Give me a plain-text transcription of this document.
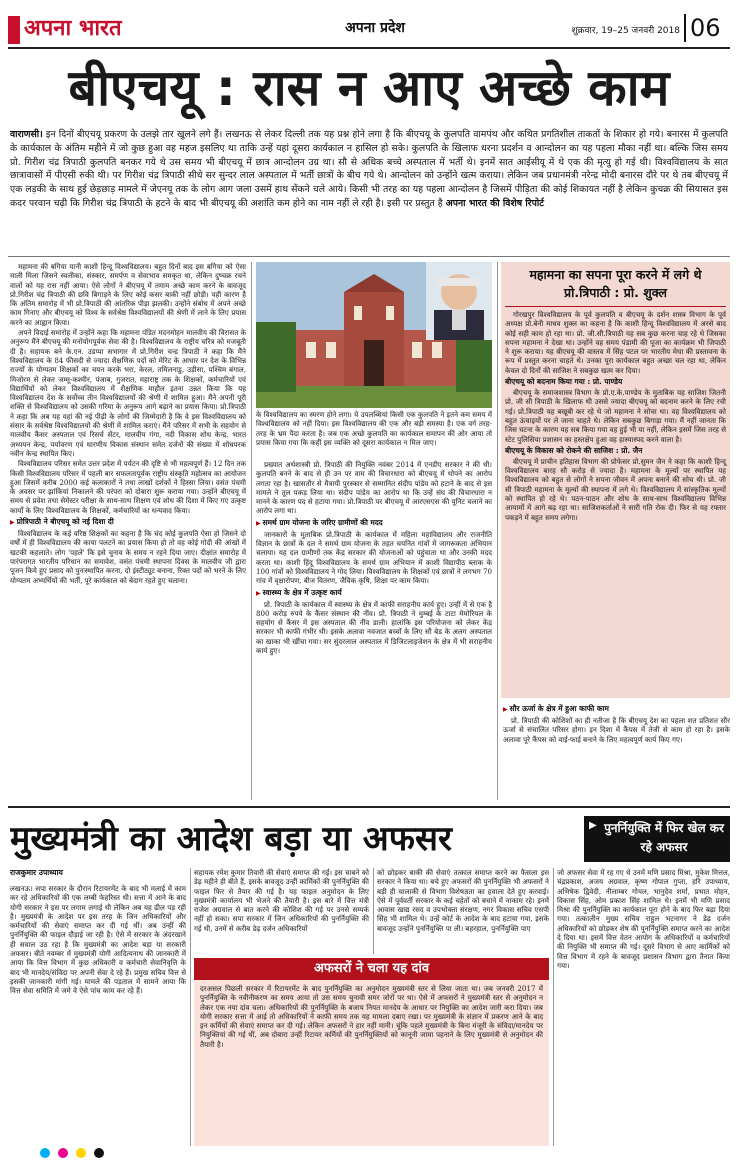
अपना भारत	अपना प्रदेश	शुक्रवार, 19–25 जनवरी 2018 06
बीएचयू : रास न आए अच्छे काम
वाराणसी। इन दिनों बीएचयू प्रकरण के उलझे तार खुलने लगे हैं। लखनऊ से लेकर दिल्ली तक यह प्रश्न होने लगा है कि बीएचयू के कुलपति वामपंथ और कथित प्रगतिशील ताकतों के शिकार हो गये। बनारस में कुलपति के कार्यकाल के अंतिम महीने में जो कुछ हुआ वह महज इसलिए था ताकि उन्हें यहां दूसरा कार्यकाल न हासिल हो सके। कुलपति के खिलाफ धरना प्रदर्शन व आन्दोलन का यह पहला मौका नहीं था। बल्कि जिस समय प्रो. गिरीश चंद्र त्रिपाठी कुलपति बनकर गये थे उस समय भी बीएचयू में छात्र आन्दोलन उग्र था। सौ से अधिक बच्चे अस्पताल में भर्ती थे। इनमें सात आईसीयू में थे एक की मृत्यु हो गई थी। विश्वविद्यालय के सात छात्रावासों में पीएसी रुकी थी। पर गिरीश चंद्र त्रिपाठी सीधे सर सुन्दर लाल अस्पताल में भर्ती छात्रों के बीच गये थे। आन्दोलन को उन्होंने खत्म कराया। लेकिन जब प्रधानमंत्री नरेन्द्र मोदी बनारस दौरे पर थे तब बीएचयू में एक लड़की के साथ हुई छेड़छाड़ मामले में जेएनयू तक के लोग आग जला उसमें हाथ सेंकने चले आये। किसी भी तरह का यह पहला आन्दोलन है जिसमें पीड़िता की कोई शिकायत नहीं है लेकिन कुचक्र की सियासत इस कदर परवान चढ़ी कि गिरीश चंद्र त्रिपाठी के हटने के बाद भी बीएचयू की अशांति कम होने का नाम नहीं ले रही है। इसी पर प्रस्तुत है अपना भारत की विशेष रिपोर्ट

महामना की बगिया यानी काशी हिन्दू विश्वविद्यालय। बहुत दिनों बाद इस बगिया को ऐसा माली मिला जिसने स्वलीका, संस्कार, समर्पण व सेवाभाव समकृत था, लेकिन दुष्चक्र रचने वालों को यह रास नहीं आया। ऐसे लोगों ने बीएचयू में तमाम अच्छे काम करने के बावजूद प्रो.गिरीश चंद्र त्रिपाठी की छवि बिगाड़ने के लिए कोई कसर बाकी नहीं छोड़ी। यही कारण है कि अंतिम समारोह में भी प्रो.त्रिपाठी की आंतरिक पीड़ा झलकी। उन्होंने संबोध में अपने अच्छे काम गिनाए और बीएचयू को विश्व के सर्वश्रेष्ठ विश्वविद्यालयों की श्रेणी में लाने के लिए प्रयास करने का आह्वान किया।

अपने विदाई समारोह में उन्होंने कहा कि महामना पंडित मदनमोहन मालवीय की विरासत के अनुरूप मैंने बीएचयू की मनोयोगपूर्वक सेवा की है। विश्वविद्यालय के राष्ट्रीय चरित्र को मजबूती दी है। सहायक बने के.एन. उडप्पा सभागार में प्रो.गिरीश चन्द्र त्रिपाठी ने कहा कि मैंने विश्वविद्यालय के 84 फीसदी से ज्यादा शैक्षणिक पदों को मेरिट के आधार पर देश के विभिन्न राज्यों के योग्यतम शिक्षकों का चयन करके भरा, केरल, तमिलनाडु, उड़ीसा, पश्चिम बंगाल, मिजोरम से लेकर जम्मू-कश्मीर, पंजाब, गुजरात, महाराष्ट्र तक के शिक्षकों, कर्मचारियों एवं विद्यार्थियों को लेकर विश्वविद्यालय में शैक्षणिक माहौल इतना उन्नत किया कि यह विश्वविद्यालय देश के सर्वोच्च तीन विश्वविद्यालयों की श्रेणी में शामिल हुआ। मैंने अपनी पूरी शक्ति से विश्वविद्यालय को उसकी गरिमा के अनुरूप आगे बढ़ाने का प्रयास किया। प्रो.त्रिपाठी ने कहा कि अब यह यहां की नई पीढ़ी के लोगों की जिम्मेदारी है कि वे इस विश्वविद्यालय को संसार के सर्वश्रेष्ठ विश्वविद्यालयों की श्रेणी में शामिल कराएं। मैंने परिसर में सभी के सहयोग से मालवीय कैंसर अस्पताल एवं रिसर्च सेंटर, मालवीय गंगा, नदी विकास शोध केन्द्र, भारत अध्ययन केन्द्र, पर्यावरण एवं धारणीय विकास संस्थान समेत दर्जनों की संख्या में शोधपरक नवीन केन्द्र स्थापित किए।

विश्वविद्यालय परिसर समेत उत्तर प्रदेश में पर्यटन की दृष्टि से भी महत्वपूर्ण हैं। 12 दिन तक किसी विश्वविद्यालय परिसर में पहली बार सफलतापूर्वक राष्ट्रीय संस्कृति महोत्सव का आयोजन हुआ जिसमें करीब 2000 कई कलाकारों ने तथा लाखों दर्शकों ने हिस्सा लिया। वसंत पंचमी के अवसर पर झांकियां निकालने की परंपरा को दोबारा शुरू कराया गया। उन्होंने बीएचयू में समय से प्रवेश तथा सेमेस्टर परीक्षा के साथ-साथ शिक्षण एवं शोध की दिशा में किए गए उत्कृष्ट कार्यों के लिए विश्वविद्यालय के शिक्षकों, कर्मचारियों का धन्यवाद किया।

▶ प्रोत्रिपाठी ने बीएचयू को नई दिशा दी

विश्वविद्यालय के कई वरिष्ठ शिक्षकों का कहना है कि चंद कोई कुलपति ऐसा हो जिसने दो वर्षों में ही विश्वविद्यालय की काया पलटने का प्रयास किया हो तो वह कोई गोदी की आंखों में खटकी कहलाते। लोग 'पहले' कि इसे चुनाव के समय न रहने दिया जाए। दीक्षांत समारोह में पारंपरागत भारतीय परिधान का समावेश, वसंत पंचमी स्थापना दिवस के मालवीय जी द्वारा पूजन किये हुए प्रसाद को पुनःस्थापित करना, दो इंस्टीट्यूट बनाना, रिक्त पदों को भरने के लिए योग्यतम अभ्यर्थियों की भर्ती, पूरे कार्यकाल को बेदाग रहते हुए चलाना।

के विश्वविद्यालय का स्मरण होने लगा। ये उपलब्धियां किसी एक कुलपति ने इतने कम समय में विश्वविद्यालय को नहीं दिया। इस विश्वविद्यालय की एक और बड़ी समस्या है। एक वर्ग तरह-तरह के भ्रम पैदा करता है। जब एक अच्छे कुलपति का कार्यकाल समापन की ओर आया तो प्रयास किया गया कि कहीं इस व्यक्ति को दूसरा कार्यकाल न मिल जाए।

प्रख्यात अर्थशास्त्री प्रो. त्रिपाठी की नियुक्ति नवंबर 2014 में एनडीए सरकार ने की थी। कुलपति बनने के बाद से ही उन पर वाम की विचारधारा को बीएचयू में थोपने का आरोप लगता रहा है। खासतौर से मैत्रायी पुरस्कार से सम्मानित संदीप पांडेय को हटाने के बाद से इस मामले ने तूल पकड़ लिया था। संदीप पांडेय का आरोप था कि उन्हें संघ की विचारधारा न मानने के कारण पद से हटाया गया। प्रो.त्रिपाठी पर बीएचयू में आरएसएस की यूनिट चलाने का आरोप लगा था।

▶ समर्थ ग्राम योजना के जरिए ग्रामीणों की मदद

जानकारों के मुताबिक प्रो.त्रिपाठी के कार्यकाल में महिला महाविद्यालय और राजनीति विज्ञान के छात्रों के दल ने समर्थ ग्राम योजना के तहत चयनित गांवों में जागरूकता अभियान चलाया। यह दल ग्रामीणों तक केंद्र सरकार की योजनाओं को पहुंचाता था और उनकी मदद करता था। काशी हिंदू विश्वविद्यालय के समर्थ ग्राम अभियान में काशी विद्यापीठ ब्लाक के 100 गांवों को विश्वविद्यालय ने गोद लिया। विश्वविद्यालय के शिक्षकों एवं छात्रों ने लगभग 70 गांव में वृक्षारोपण, बीज वितरण, जैविक कृषि, शिक्षा पर काम किया।

▶ स्वास्थ्य के क्षेत्र में उत्कृष्ट कार्य

प्रो. त्रिपाठी के कार्यकाल में स्वास्थ्य के क्षेत्र में काफी सराहनीय कार्य हुए। उन्हीं में से एक है 800 करोड़ रुपये के कैंसर संस्थान की नींव। प्रो. त्रिपाठी ने मुम्बई के टाटा मेमोरियल के सहयोग से कैंसर में इस अस्पताल की नींव डाली। हालांकि इस परियोजना को लेकर केंद्र सरकार भी काफी गंभीर थी। इसके अलावा नवजात बच्चों के लिए सौ बेड के अलग अस्पताल का खाका भी खींचा गया। सर सुंदरलाल अस्पताल में डिजिटलाइजेशन के क्षेत्र में भी सराहनीय कार्य हुए।

महामना का सपना पूरा करने में लगे थे प्रो.त्रिपाठी : प्रो. शुक्ल

गोरखपुर विश्वविद्यालय के पूर्व कुलपति व बीएचयू के दर्शन शास्त्र विभाग के पूर्व अध्यक्ष प्रो.बेनी माधव शुक्ल का कहना है कि काशी हिन्दू विश्वविद्यालय में अरसे बाद कोई सही काम हो रहा था। प्रो. जी.सी.त्रिपाठी यह सब कुछ करना चाह रहे थे जिसका सपना महामना ने देखा था। उन्होंने वह समय पंडामी की पूजा का कार्यक्रम भी जिपाठी ने शुरू कराया। यह बीएचयू की वास्तव में सिंह पटल पर भारतीय मेधा की प्रस्तावना के रूप में प्रस्तुत करना चाहते थे। उनका पूरा कार्यकाल बहुत अच्छा चल रहा था, लेकिन केवल दो दिनों की साजिश ने सबकुछ खत्म कर दिया।

बीएचयू को बदनाम किया गया : प्रो. पाण्डेय

बीएचयू के समाजशास्त्र विभाग के प्रो.ए.के.पाण्डेय के मुताबिक यह साजिश जितनी प्रो. जी सी त्रिपाठी के खिलाफ थी उससे ज्यादा बीएचयू को बदनाम करने के लिए रची गई। प्रो.त्रिपाठी यह बखूबी कर रहे थे जो महामना ने सोचा था। वह विश्वविद्यालय को बहुत ऊंचाइयों पर ले जाना चाहते थे। लेकिन सबकुछ बिगाड़ा गया। मैं नहीं जानता कि जिस घटना के कारण यह सब किया गया वह हुई भी या नहीं, लेकिन इसमें जिस तरह से स्टेट पुलिसिया प्रशासन का हस्तक्षेप हुआ वह हास्यास्पद करने वाला है।

बीएचयू के विकास को रोकने की साजिश : प्रो. जैन

बीएचयू में प्राचीन इतिहास विभाग की प्रोफेसर प्रो.सुमन जैन ने कहा कि काशी हिन्दू विश्वविद्यालय बारह सौ करोड़ से ज्यादा है। महामना के मूल्यों पर स्थापित यह विश्वविद्यालय को बहुत से लोगों ने सपना जीवन में अपना बनाने की सोच थी। प्रो. जी सी त्रिपाठी महामना के मूल्यों की स्थापना में लगे थे। विश्वविद्यालय में सांस्कृतिक मूल्यों को स्थापित हो रहे थे। पठन-पाठन और शोध के साथ-साथ विश्वविद्यालय विभिन्न आयामों में आगे बढ़ रहा था। साजिशकर्ताओं ने सारी गति रोक दी। फिर से यह रफ्तार पकड़ने में बहुत समय लगेगा।

▶ सौर ऊर्जा के क्षेत्र में हुआ काफी काम

प्रो. त्रिपाठी की कोशिशों का ही नतीजा है कि बीएचयू देश का पहला शत प्रतिशत सौर ऊर्जा से संचालित परिसर होगा। इन दिशा में कैंपस में तेजी से काम हो रहा है। इसके अलावा पूरे कैंपस को वाई-फाई बनाने के लिए महत्वपूर्ण कार्य किए गए।

मुख्यमंत्री का आदेश बड़ा या अफसर	▶ पुनर्नियुक्ति में फिर खेल कर रहे अफसर
राजकुमार उपाध्याय
लखनऊ। सपा सरकार के दौरान रिटायरमेंट के बाद भी मलाई में काम कर रहे अधिकारियों की एक लम्बी फेहरिस्त थी। सत्ता में आने के बाद योगी सरकार ने इस पर लगाम लगाई थी लेकिन अब यह ढील पड़ रही है। मुख्यमंत्री के आदेश पर इस तरह के जिन अधिकारियों और कर्मचारियों की सेवाएं समाप्त कर दी गई थीं। अब उन्हीं की पुनर्नियुक्ति की फाइल दौड़ाई जा रही है। ऐसे में सरकार के अंदरखाने ही सवाल उठ रहा है कि मुख्यमंत्री का आदेश बड़ा या सरकारी अफसर। बीते नवम्बर में मुख्यमंत्री योगी आदित्यनाथ की जानकारी में आया कि वित्त विभाग में कुछ अधिकारी व कर्मचारी सेवानिवृत्ति के बाद भी मानदेय/संविदा पर अपनी सेवा दे रहे हैं। प्रमुख सचिव वित्त से इसकी जानकारी मांगी गई। मामले की पड़ताल में सामने आया कि वित्त सेवा समिति में जमे वे ऐसे पांच काम कर रहे हैं।
सहायक रमेश कुमार तिवारी की सेवाएं समाप्त की गईं। इस चाबने को डेढ़ महीने ही बीते हैं, इसके बावजूद उन्हीं कार्मिकों की पुनर्नियुक्ति की फाइल फिर से तैयार की गई है। यह फाइल अनुमोदन के लिए मुख्यमंत्री कार्यालय भी भेजने की तैयारी है। इस बारे में वित्त मंत्री राजेश अग्रवाल से बात करने की कोशिश की गई पर उनसे सम्पर्क नहीं हो सका। सपा सरकार में जिन अधिकारियों की पुनर्नियुक्ति की गई थी, उनमें से करीब डेढ़ दर्जन अधिकारियों
को छोड़कर बाकी की सेवाएं तत्काल समाप्त करने का फैसला इस सरकार ने किया था। बचे हुए अफसरों की पुनर्नियुक्ति भी अफसरों ने बड़ी ही चालाकी से विभाग विशेषज्ञता का हवाला देते हुए करवाई। ऐसे में पूर्ववर्ती सरकार के कई चहेतों को बचाने में नाकाम रहे। इनमें आवास खाद्य रसद व उपभोक्ता संरक्षण, नगर विकास सचिव एसपी सिंह भी शामिल थे। उन्हें कोर्ट के आदेश के बाद हटाया गया, इसके बावजूद उन्होंने पुनर्नियुक्ति पा ली। बहरहाल, पुनर्नियुक्ति पाए
जो अफसर सेवा में रह गए थे उनमें मणि प्रसाद मिश्रा, मुकेश मित्तल, चंद्रप्रकाश, अजय अग्रवाल, कृष्ण गोपाल गुप्ता, हरि उपाध्याय, अभिषेक द्विवेदी, नीलाम्बर गोयल, भानुदेव शर्मा, प्रभात मोहन, विकास सिंह, ओम प्रकाश सिंह शामिल थे। इनमें भी मणि प्रसाद मिश्रा की पुनर्नियुक्ति का कार्यकाल पूरा होने के बाद फिर बढ़ा दिया गया। तत्कालीन मुख्य सचिव राहुल भटनागर ने डेढ़ दर्जन अधिकारियों को छोड़कर शेष की पुनर्नियुक्ति समाप्त करने का आदेश दे दिया था। इसमें वित्त वेतन आयोग के अधिकारियों व कर्मचारियों की नियुक्ति भी समाप्त की गई। दूसरे विभाग से आए कार्मिकों को वित्त विभाग में रहने के बावजूद प्रशासन विभाग द्वारा तैनात किया गया।
अफसरों ने चला यह दांव
दरअसल पिछली सरकार में रिटायरमेंट के बाद पुनर्नियुक्ति का अनुमोदन मुख्यमंत्री स्तर से लिया जाता था। जब जनवरी 2017 में पुनर्नियुक्ति के नवीनीकरण का समय आया तो उस समय चुनावी समर जोरों पर था। ऐसे में अफसरों ने मुख्यमंत्री स्तर से अनुमोदन न लेकर एक नया दांव चला। अधिकारियों की पुनर्नियुक्ति के बजाय नियत मानदेय के आधार पर नियुक्ति का आदेश जारी करा दिया। जब योगी सरकार सत्ता में आई तो अधिकारियों ने काफी समय तक यह मामला दबाए रखा। पर मुख्यमंत्री के संज्ञान में प्रकरण आने के बाद इन कर्मियों की सेवाएं समाप्त कर दी गई। लेकिन अफसरों ने हार नहीं मानी। चूंकि पहले मुख्यमंत्री के बिना मंजूरी के संविदा/मानदेय पर नियुक्तियां की गई थीं, अब दोबारा उन्हीं रिटायर कर्मियों की पुनर्नियुक्तियों को कानूनी जामा पहनाने के लिए मुख्यमंत्री से अनुमोदन की तैयारी है।
